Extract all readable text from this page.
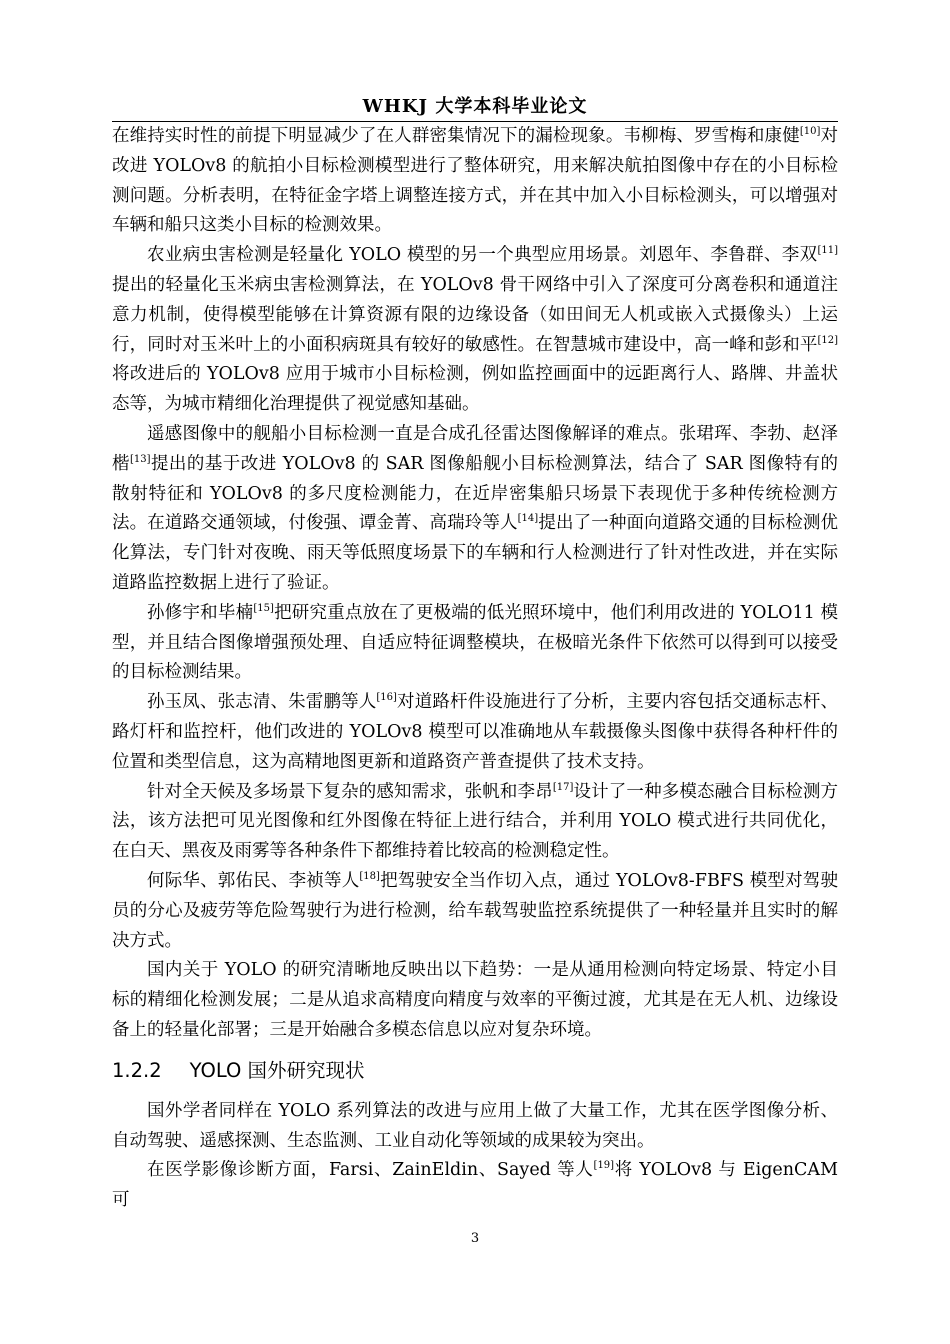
WHKJ 大学本科毕业论文

在维持实时性的前提下明显减少了在人群密集情况下的漏检现象。韦柳梅、罗雪梅和康健[10]对改进 YOLOv8 的航拍小目标检测模型进行了整体研究，用来解决航拍图像中存在的小目标检测问题。分析表明，在特征金字塔上调整连接方式，并在其中加入小目标检测头，可以增强对车辆和船只这类小目标的检测效果。

农业病虫害检测是轻量化 YOLO 模型的另一个典型应用场景。刘恩年、李鲁群、李双[11]提出的轻量化玉米病虫害检测算法，在 YOLOv8 骨干网络中引入了深度可分离卷积和通道注意力机制，使得模型能够在计算资源有限的边缘设备（如田间无人机或嵌入式摄像头）上运行，同时对玉米叶上的小面积病斑具有较好的敏感性。在智慧城市建设中，高一峰和彭和平[12]将改进后的 YOLOv8 应用于城市小目标检测，例如监控画面中的远距离行人、路牌、井盖状态等，为城市精细化治理提供了视觉感知基础。

遥感图像中的舰船小目标检测一直是合成孔径雷达图像解译的难点。张珺珲、李勃、赵泽楷[13]提出的基于改进 YOLOv8 的 SAR 图像船舰小目标检测算法，结合了 SAR 图像特有的散射特征和 YOLOv8 的多尺度检测能力，在近岸密集船只场景下表现优于多种传统检测方法。在道路交通领域，付俊强、谭金菁、高瑞玲等人[14]提出了一种面向道路交通的目标检测优化算法，专门针对夜晚、雨天等低照度场景下的车辆和行人检测进行了针对性改进，并在实际道路监控数据上进行了验证。

孙修宇和毕楠[15]把研究重点放在了更极端的低光照环境中，他们利用改进的 YOLO11 模型，并且结合图像增强预处理、自适应特征调整模块，在极暗光条件下依然可以得到可以接受的目标检测结果。

孙玉凤、张志清、朱雷鹏等人[16]对道路杆件设施进行了分析，主要内容包括交通标志杆、路灯杆和监控杆，他们改进的 YOLOv8 模型可以准确地从车载摄像头图像中获得各种杆件的位置和类型信息，这为高精地图更新和道路资产普查提供了技术支持。

针对全天候及多场景下复杂的感知需求，张帆和李昂[17]设计了一种多模态融合目标检测方法，该方法把可见光图像和红外图像在特征上进行结合，并利用 YOLO 模式进行共同优化，在白天、黑夜及雨雾等各种条件下都维持着比较高的检测稳定性。

何际华、郭佑民、李祯等人[18]把驾驶安全当作切入点，通过 YOLOv8-FBFS 模型对驾驶员的分心及疲劳等危险驾驶行为进行检测，给车载驾驶监控系统提供了一种轻量并且实时的解决方式。

国内关于 YOLO 的研究清晰地反映出以下趋势：一是从通用检测向特定场景、特定小目标的精细化检测发展；二是从追求高精度向精度与效率的平衡过渡，尤其是在无人机、边缘设备上的轻量化部署；三是开始融合多模态信息以应对复杂环境。

1.2.2 YOLO 国外研究现状

国外学者同样在 YOLO 系列算法的改进与应用上做了大量工作，尤其在医学图像分析、自动驾驶、遥感探测、生态监测、工业自动化等领域的成果较为突出。

在医学影像诊断方面，Farsi、ZainEldin、Sayed 等人[19]将 YOLOv8 与 EigenCAM 可

3
